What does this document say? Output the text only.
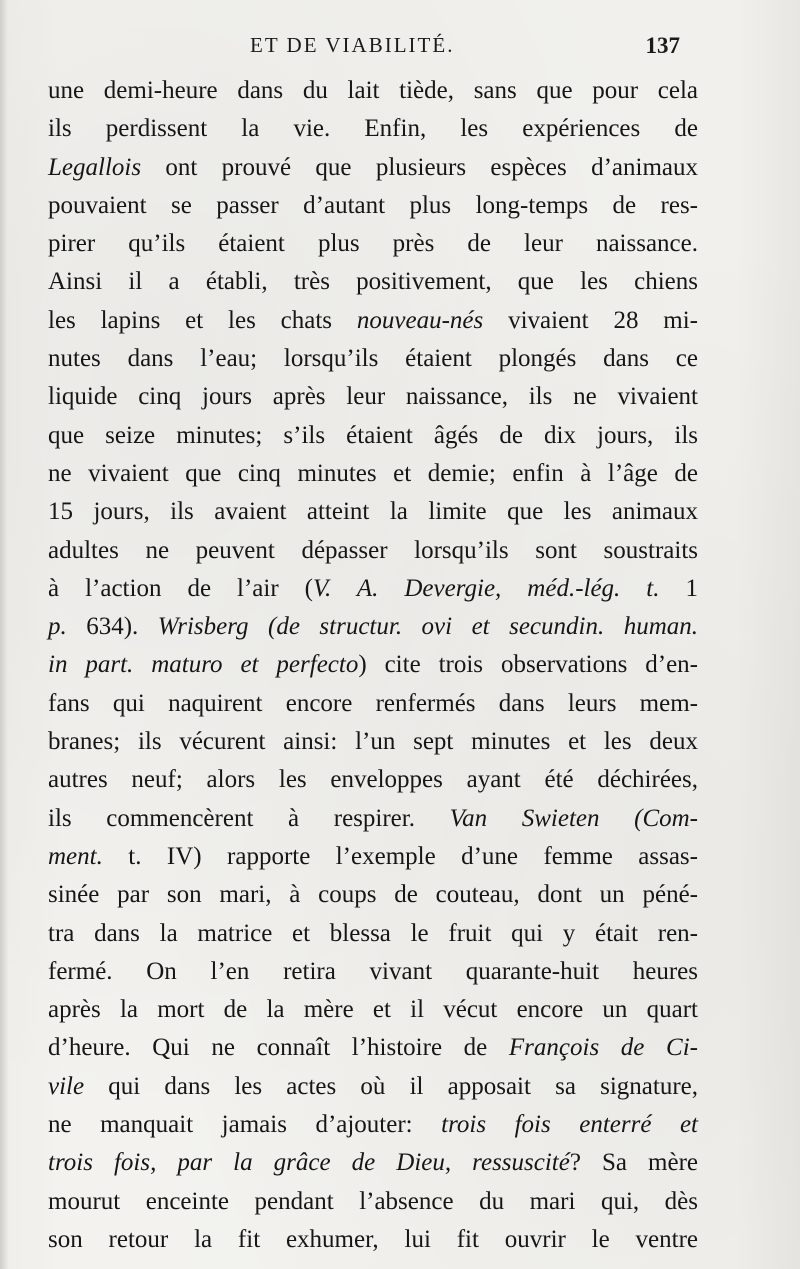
ET DE VIABILITÉ.	137
une demi-heure dans du lait tiède, sans que pour cela
ils perdissent la vie. Enfin, les expériences de
Legallois ont prouvé que plusieurs espèces d’animaux
pouvaient se passer d’autant plus long-temps de res-
pirer qu’ils étaient plus près de leur naissance.
Ainsi il a établi, très positivement, que les chiens
les lapins et les chats nouveau-nés vivaient 28 mi-
nutes dans l’eau; lorsqu’ils étaient plongés dans ce
liquide cinq jours après leur naissance, ils ne vivaient
que seize minutes; s’ils étaient âgés de dix jours, ils
ne vivaient que cinq minutes et demie; enfin à l’âge de
15 jours, ils avaient atteint la limite que les animaux
adultes ne peuvent dépasser lorsqu’ils sont soustraits
à l’action de l’air (V. A. Devergie, méd.-lég. t. 1
p. 634). Wrisberg (de structur. ovi et secundin. human.
in part. maturo et perfecto) cite trois observations d’en-
fans qui naquirent encore renfermés dans leurs mem-
branes; ils vécurent ainsi: l’un sept minutes et les deux
autres neuf; alors les enveloppes ayant été déchirées,
ils commencèrent à respirer. Van Swieten (Com-
ment. t. IV) rapporte l’exemple d’une femme assas-
sinée par son mari, à coups de couteau, dont un péné-
tra dans la matrice et blessa le fruit qui y était ren-
fermé. On l’en retira vivant quarante-huit heures
après la mort de la mère et il vécut encore un quart
d’heure. Qui ne connaît l’histoire de François de Ci-
vile qui dans les actes où il apposait sa signature,
ne manquait jamais d’ajouter: trois fois enterré et
trois fois, par la grâce de Dieu, ressuscité? Sa mère
mourut enceinte pendant l’absence du mari qui, dès
son retour la fit exhumer, lui fit ouvrir le ventre
